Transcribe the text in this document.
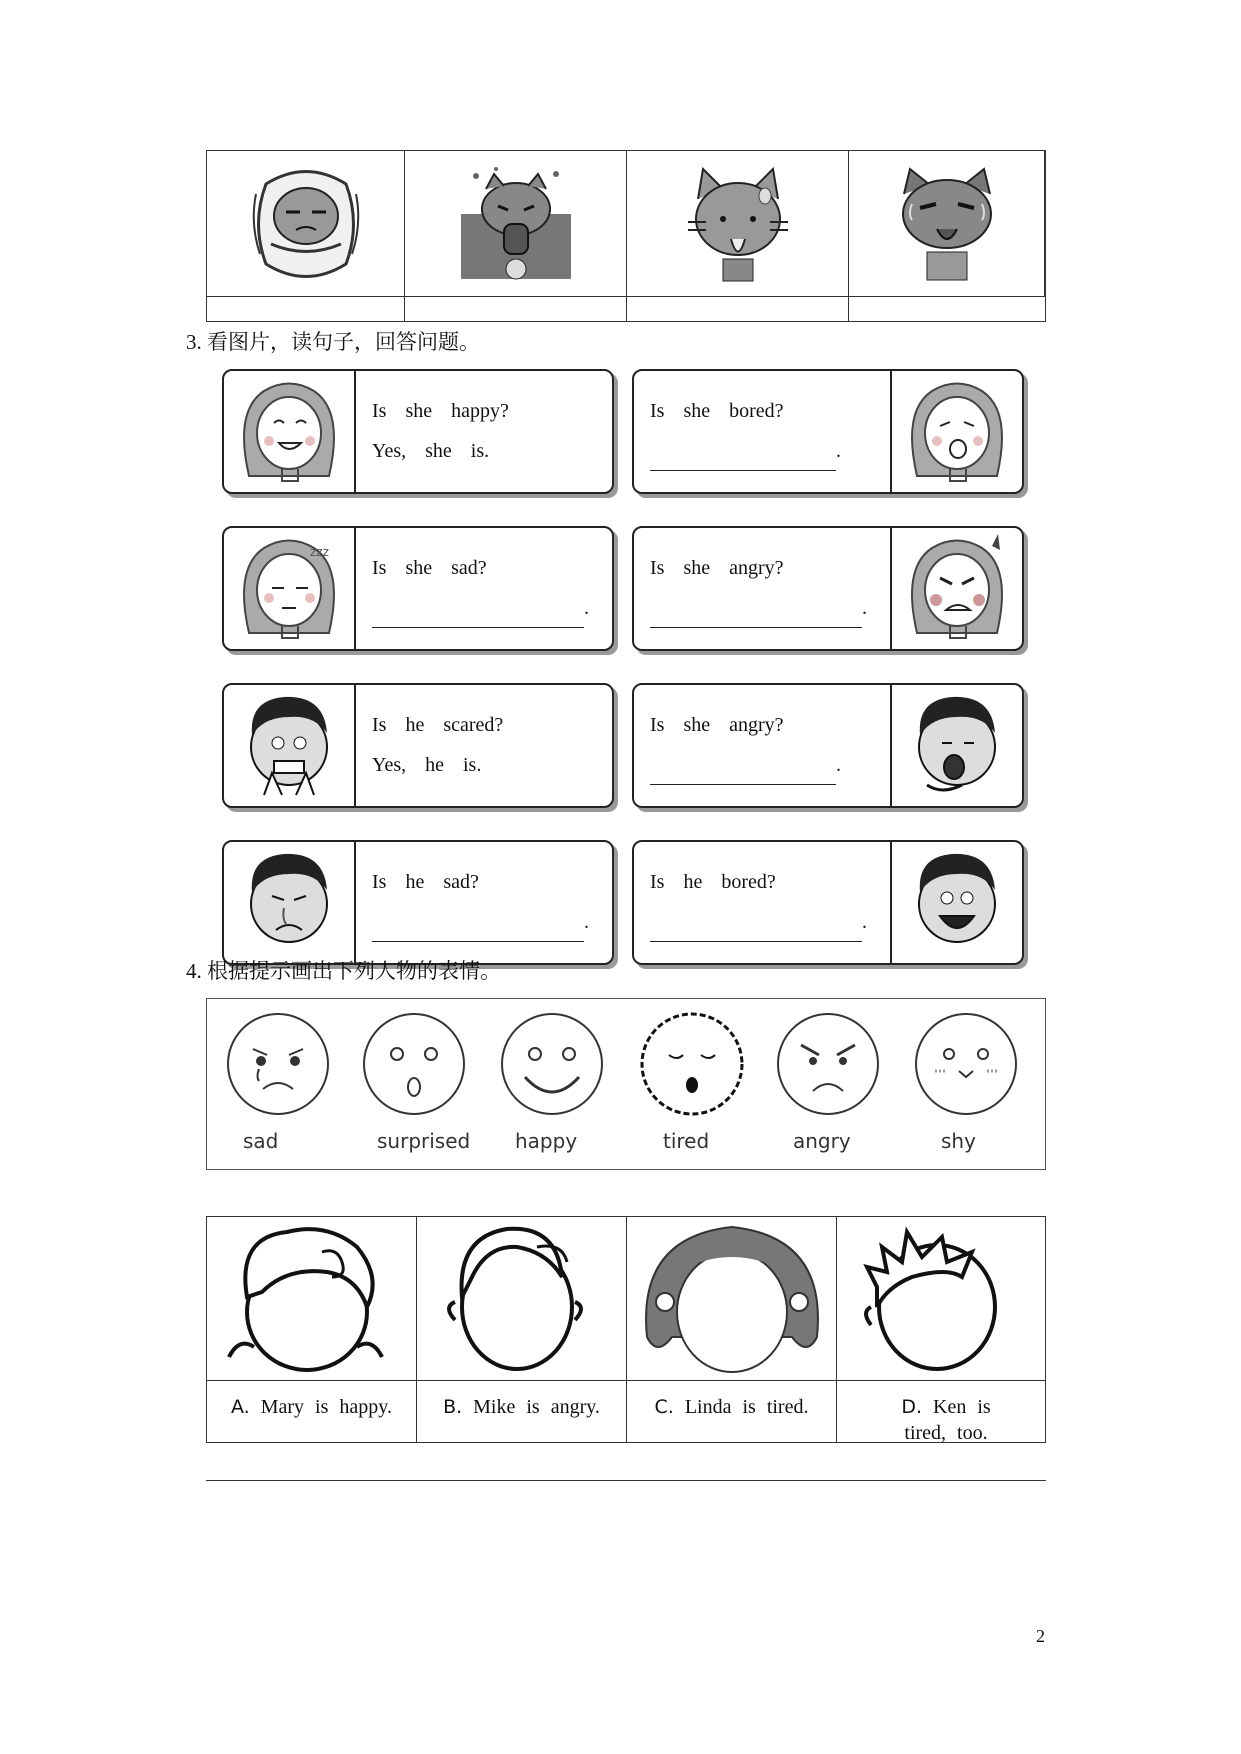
3. 看图片，读句子，回答问题。
Is she happy?
Yes, she is.
Is she bored?
.
zzz
Is she sad?
.
Is she angry?
.
Is he scared?
Yes, he is.
Is she angry?
.
Is he sad?
.
Is he bored?
.
4. 根据提示画出下列人物的表情。
sad	surprised happy	tired	angry	shy
A. Mary is happy.	B. Mike is angry.	C. Linda is tired.	D. Ken is tired, too.
2
